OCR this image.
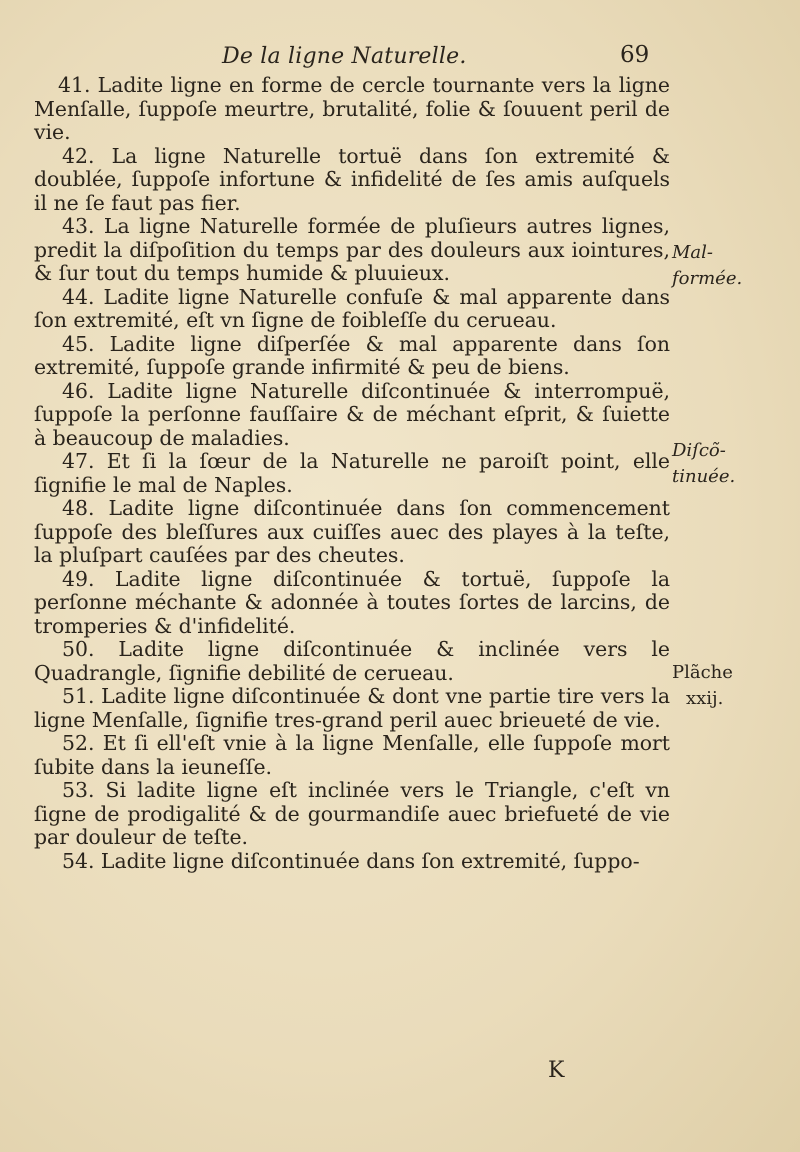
De la ligne Naturelle.	69

41. Ladite ligne en forme de cercle tournante vers la ligne Menſalle, ſuppoſe meurtre, brutalité, folie & ſouuent peril de vie.

42. La ligne Naturelle tortuë dans ſon extremité & doublée, ſuppoſe infortune & infidelité de ſes amis auſquels il ne ſe faut pas fier.

43. La ligne Naturelle formée de pluſieurs autres lignes, predit la diſpoſition du temps par des douleurs aux iointures, & ſur tout du temps humide & pluuieux.

44. Ladite ligne Naturelle confuſe & mal apparente dans ſon extremité, eſt vn ſigne de foibleſſe du cerueau.

45. Ladite ligne diſperſée & mal apparente dans ſon extremité, ſuppoſe grande infirmité & peu de biens.

46. Ladite ligne Naturelle diſcontinuée & interrompuë, ſuppoſe la perſonne fauſſaire & de méchant eſprit, & ſuiette à beaucoup de maladies.

47. Et ſi la ſœur de la Naturelle ne paroiſt point, elle ſignifie le mal de Naples.

48. Ladite ligne diſcontinuée dans ſon commencement ſuppoſe des bleſſures aux cuiſſes auec des playes à la teſte, la pluſpart cauſées par des cheutes.

49. Ladite ligne diſcontinuée & tortuë, ſuppoſe la perſonne méchante & adonnée à toutes ſortes de larcins, de tromperies & d'infidelité.

50. Ladite ligne diſcontinuée & inclinée vers le Quadrangle, ſignifie debilité de cerueau.

51. Ladite ligne diſcontinuée & dont vne partie tire vers la ligne Menſalle, ſignifie tres-grand peril auec brieueté de vie.

52. Et ſi ell'eſt vnie à la ligne Menſalle, elle ſuppoſe mort ſubite dans la ieuneſſe.

53. Si ladite ligne eſt inclinée vers le Triangle, c'eſt vn ſigne de prodigalité & de gourmandiſe auec briefueté de vie par douleur de teſte.

54. Ladite ligne diſcontinuée dans ſon extremité, ſuppo-

Mal-
formée.
Diſcõ-
tinuée.
Plãche
xxij.
K
